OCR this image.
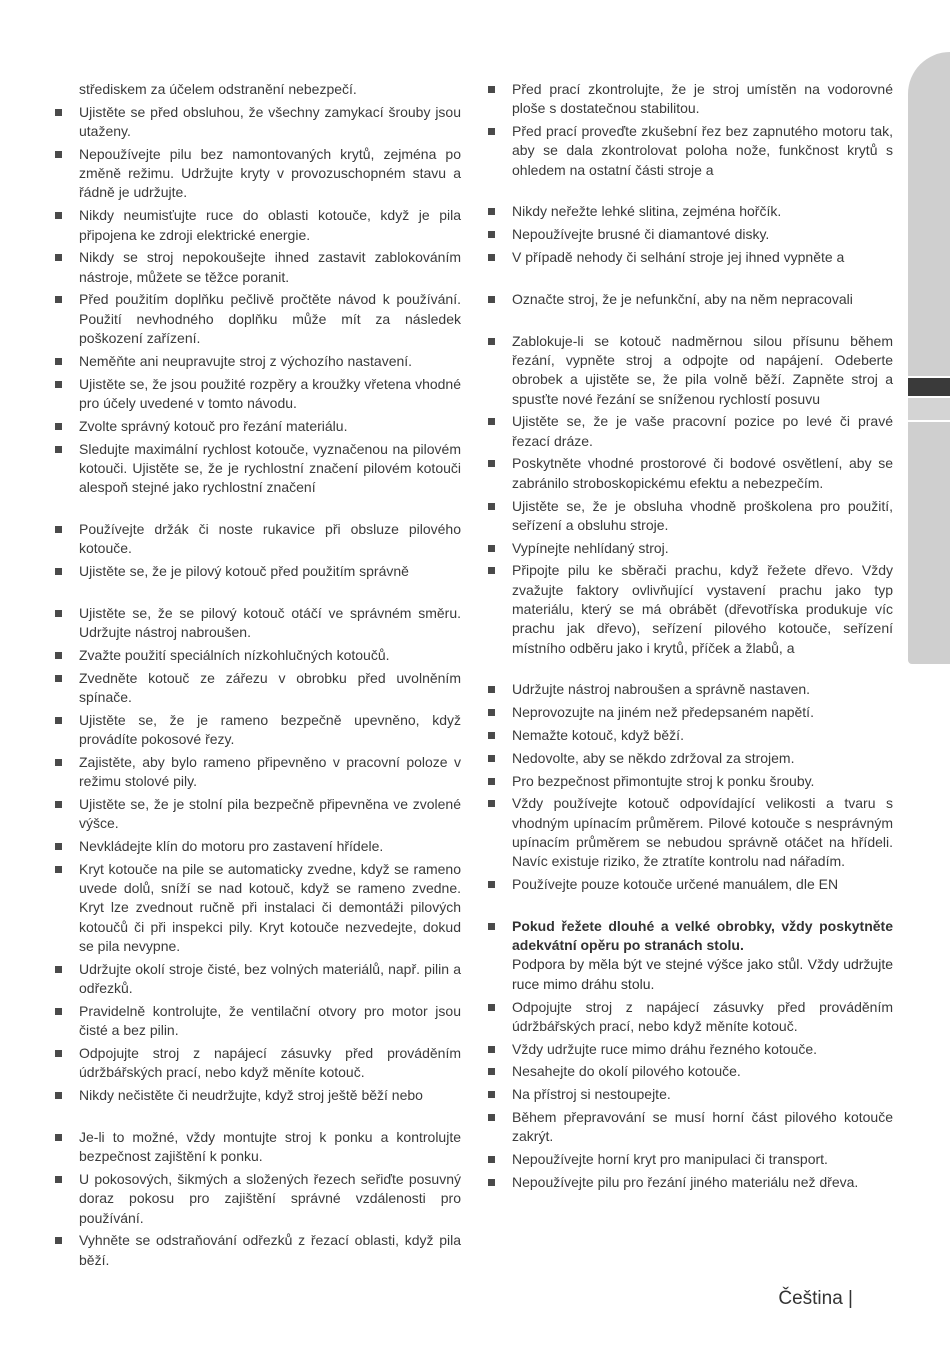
střediskem za účelem odstranění nebezpečí.
Ujistěte se před obsluhou, že všechny zamykací šrouby jsou utaženy.
Nepoužívejte pilu bez namontovaných krytů, zejména po změně režimu. Udržujte kryty v provozuschopném stavu a řádně je udržujte.
Nikdy neumisťujte ruce do oblasti kotouče, když je pila připojena ke zdroji elektrické energie.
Nikdy se stroj nepokoušejte ihned zastavit zablokováním nástroje, můžete se těžce poranit.
Před použitím doplňku pečlivě pročtěte návod k používání. Použití nevhodného doplňku může mít za následek poškození zařízení.
Neměňte ani neupravujte stroj z výchozího nastavení.
Ujistěte se, že jsou použité rozpěry a kroužky vřetena vhodné pro účely uvedené v tomto návodu.
Zvolte správný kotouč pro řezání materiálu.
Sledujte maximální rychlost kotouče, vyznačenou na pilovém kotouči. Ujistěte se, že je rychlostní značení pilovém kotouči alespoň stejné jako rychlostní značení
Používejte držák či noste rukavice při obsluze pilového kotouče.
Ujistěte se, že je pilový kotouč před použitím správně
Ujistěte se, že se pilový kotouč otáčí ve správném směru. Udržujte nástroj nabroušen.
Zvažte použití speciálních nízkohlučných kotoučů.
Zvedněte kotouč ze zářezu v obrobku před uvolněním spínače.
Ujistěte se, že je rameno bezpečně upevněno, když provádíte pokosové řezy.
Zajistěte, aby bylo rameno připevněno v pracovní poloze v režimu stolové pily.
Ujistěte se, že je stolní pila bezpečně připevněna ve zvolené výšce.
Nevkládejte klín do motoru pro zastavení hřídele.
Kryt kotouče na pile se automaticky zvedne, když se rameno uvede dolů, sníží se nad kotouč, když se rameno zvedne. Kryt lze zvednout ručně při instalaci či demontáži pilových kotoučů či při inspekci pily. Kryt kotouče nezvedejte, dokud se pila nevypne.
Udržujte okolí stroje čisté, bez volných materiálů, např. pilin a odřezků.
Pravidelně kontrolujte, že ventilační otvory pro motor jsou čisté a bez pilin.
Odpojujte stroj z napájecí zásuvky před prováděním údržbářských prací, nebo když měníte kotouč.
Nikdy nečistěte či neudržujte, když stroj ještě běží nebo
Je-li to možné, vždy montujte stroj k ponku a kontrolujte bezpečnost zajištění k ponku.
U pokosových, šikmých a složených řezech seřiďte posuvný doraz pokosu pro zajištění správné vzdálenosti pro používání.
Vyhněte se odstraňování odřezků z řezací oblasti, když pila běží.
Před prací zkontrolujte, že je stroj umístěn na vodorovné ploše s dostatečnou stabilitou.
Před prací proveďte zkušební řez bez zapnutého motoru tak, aby se dala zkontrolovat poloha nože, funkčnost krytů s ohledem na ostatní části stroje a
Nikdy neřežte lehké slitina, zejména hořčík.
Nepoužívejte brusné či diamantové disky.
V případě nehody či selhání stroje jej ihned vypněte a
Označte stroj, že je nefunkční, aby na něm nepracovali
Zablokuje-li se kotouč nadměrnou silou přísunu během řezání, vypněte stroj a odpojte od napájení. Odeberte obrobek a ujistěte se, že pila volně běží. Zapněte stroj a spusťte nové řezání se sníženou rychlostí posuvu
Ujistěte se, že je vaše pracovní pozice po levé či pravé řezací dráze.
Poskytněte vhodné prostorové či bodové osvětlení, aby se zabránilo stroboskopickému efektu a nebezpečím.
Ujistěte se, že je obsluha vhodně proškolena pro použití, seřízení a obsluhu stroje.
Vypínejte nehlídaný stroj.
Připojte pilu ke sběrači prachu, když řežete dřevo. Vždy zvažujte faktory ovlivňující vystavení prachu jako typ materiálu, který se má obrábět (dřevotříska produkuje víc prachu jak dřevo), seřízení pilového kotouče, seřízení místního odběru jako i krytů, příček a žlabů, a
Udržujte nástroj nabroušen a správně nastaven.
Neprovozujte na jiném než předepsaném napětí.
Nemažte kotouč, když běží.
Nedovolte, aby se někdo zdržoval za strojem.
Pro bezpečnost přimontujte stroj k ponku šrouby.
Vždy používejte kotouč odpovídající velikosti a tvaru s vhodným upínacím průměrem. Pilové kotouče s nesprávným upínacím průměrem se nebudou správně otáčet na hřídeli. Navíc existuje riziko, že ztratíte kontrolu nad nářadím.
Používejte pouze kotouče určené manuálem, dle EN
Pokud řežete dlouhé a velké obrobky, vždy poskytněte adekvátní opěru po stranách stolu.
Podpora by měla být ve stejné výšce jako stůl. Vždy udržujte ruce mimo dráhu stolu.
Odpojujte stroj z napájecí zásuvky před prováděním údržbářských prací, nebo když měníte kotouč.
Vždy udržujte ruce mimo dráhu řezného kotouče.
Nesahejte do okolí pilového kotouče.
Na přístroj si nestoupejte.
Během přepravování se musí horní část pilového kotouče zakrýt.
Nepoužívejte horní kryt pro manipulaci či transport.
Nepoužívejte pilu pro řezání jiného materiálu než dřeva.
Čeština |
